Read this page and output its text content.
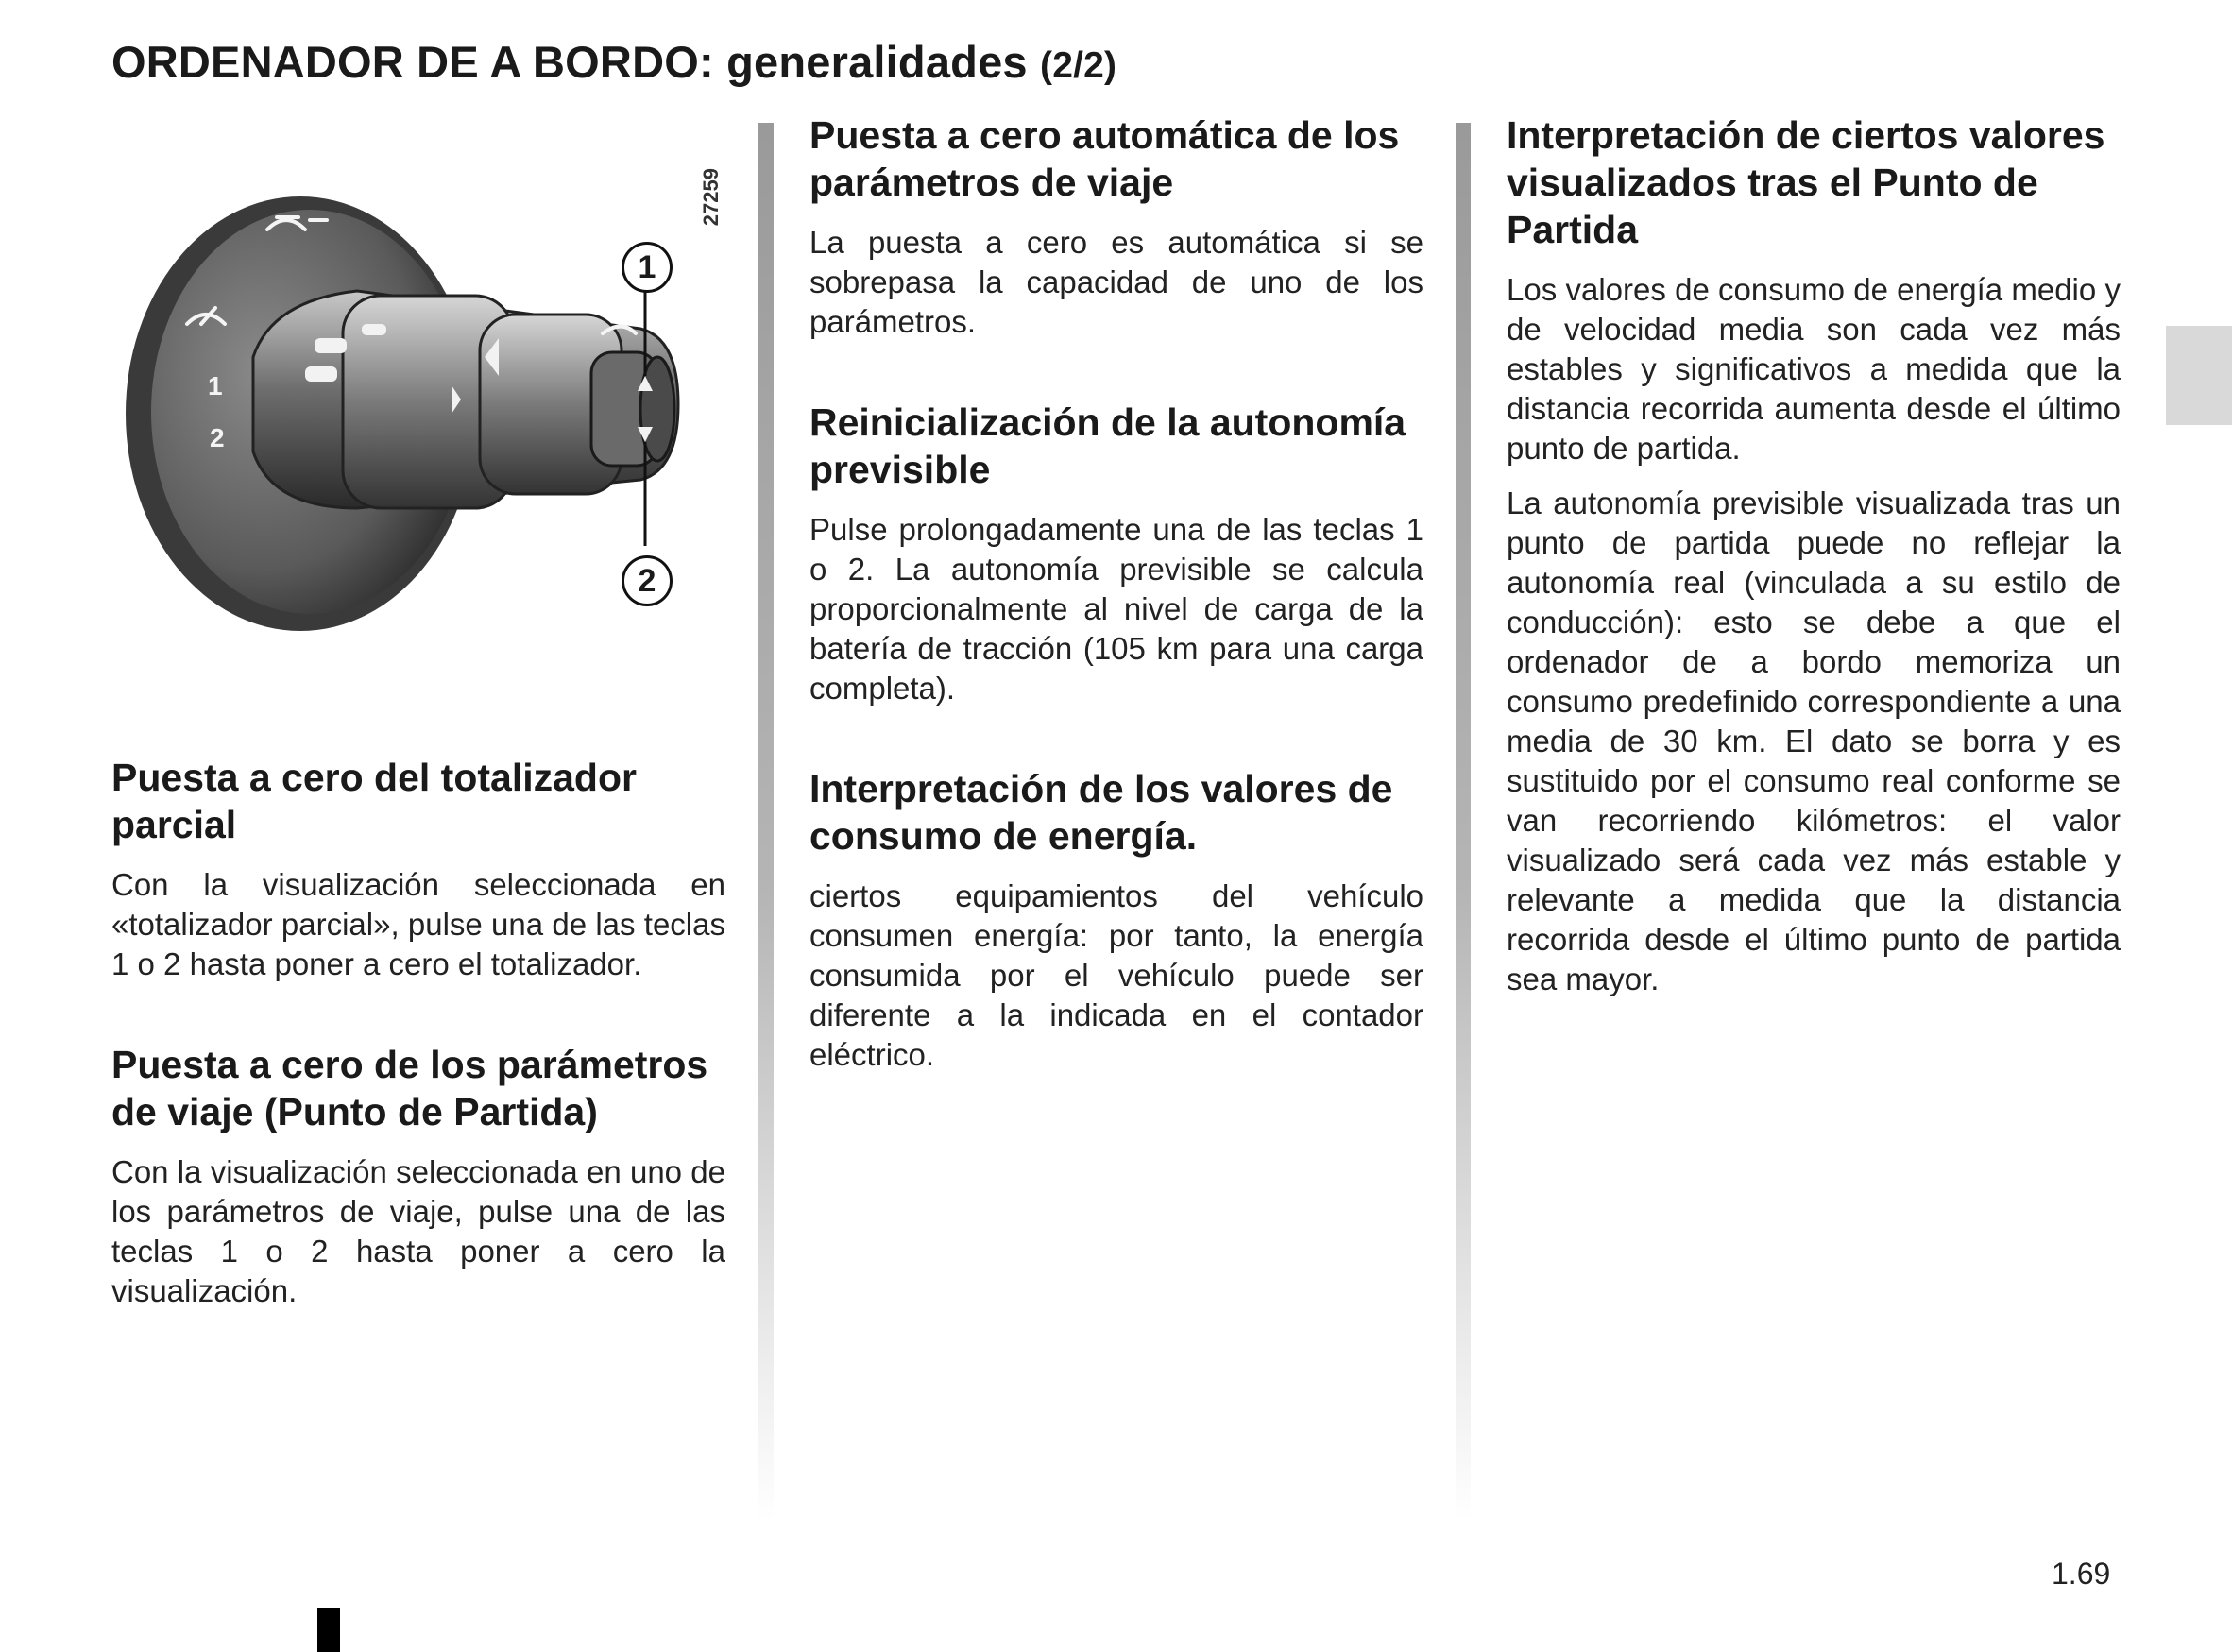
ORDENADOR DE A BORDO: generalidades (2/2)
1
2
1
2
27259
Puesta a cero del totalizador parcial

Con la visualización seleccionada en «totalizador parcial», pulse una de las teclas 1 o 2 hasta poner a cero el totalizador.

Puesta a cero de los parámetros de viaje (Punto de Partida)

Con la visualización seleccionada en uno de los parámetros de viaje, pulse una de las teclas 1 o 2 hasta poner a cero la visualización.

Puesta a cero automática de los parámetros de viaje

La puesta a cero es automática si se sobrepasa la capacidad de uno de los parámetros.

Reinicialización de la autonomía previsible

Pulse prolongadamente una de las teclas 1 o 2. La autonomía previsible se calcula proporcionalmente al nivel de carga de la batería de tracción (105 km para una carga completa).

Interpretación de los valores de consumo de energía.

ciertos equipamientos del vehículo consumen energía: por tanto, la energía consumida por el vehículo puede ser diferente a la indicada en el contador eléctrico.

Interpretación de ciertos valores visualizados tras el Punto de Partida

Los valores de consumo de energía medio y de velocidad media son cada vez más estables y significativos a medida que la distancia recorrida aumenta desde el último punto de partida.

La autonomía previsible visualizada tras un punto de partida puede no reflejar la autonomía real (vinculada a su estilo de conducción): esto se debe a que el ordenador de a bordo memoriza un consumo predefinido correspondiente a una media de 30 km. El dato se borra y es sustituido por el consumo real conforme se van recorriendo kilómetros: el valor visualizado será cada vez más estable y relevante a medida que la distancia recorrida desde el último punto de partida sea mayor.

1.69
